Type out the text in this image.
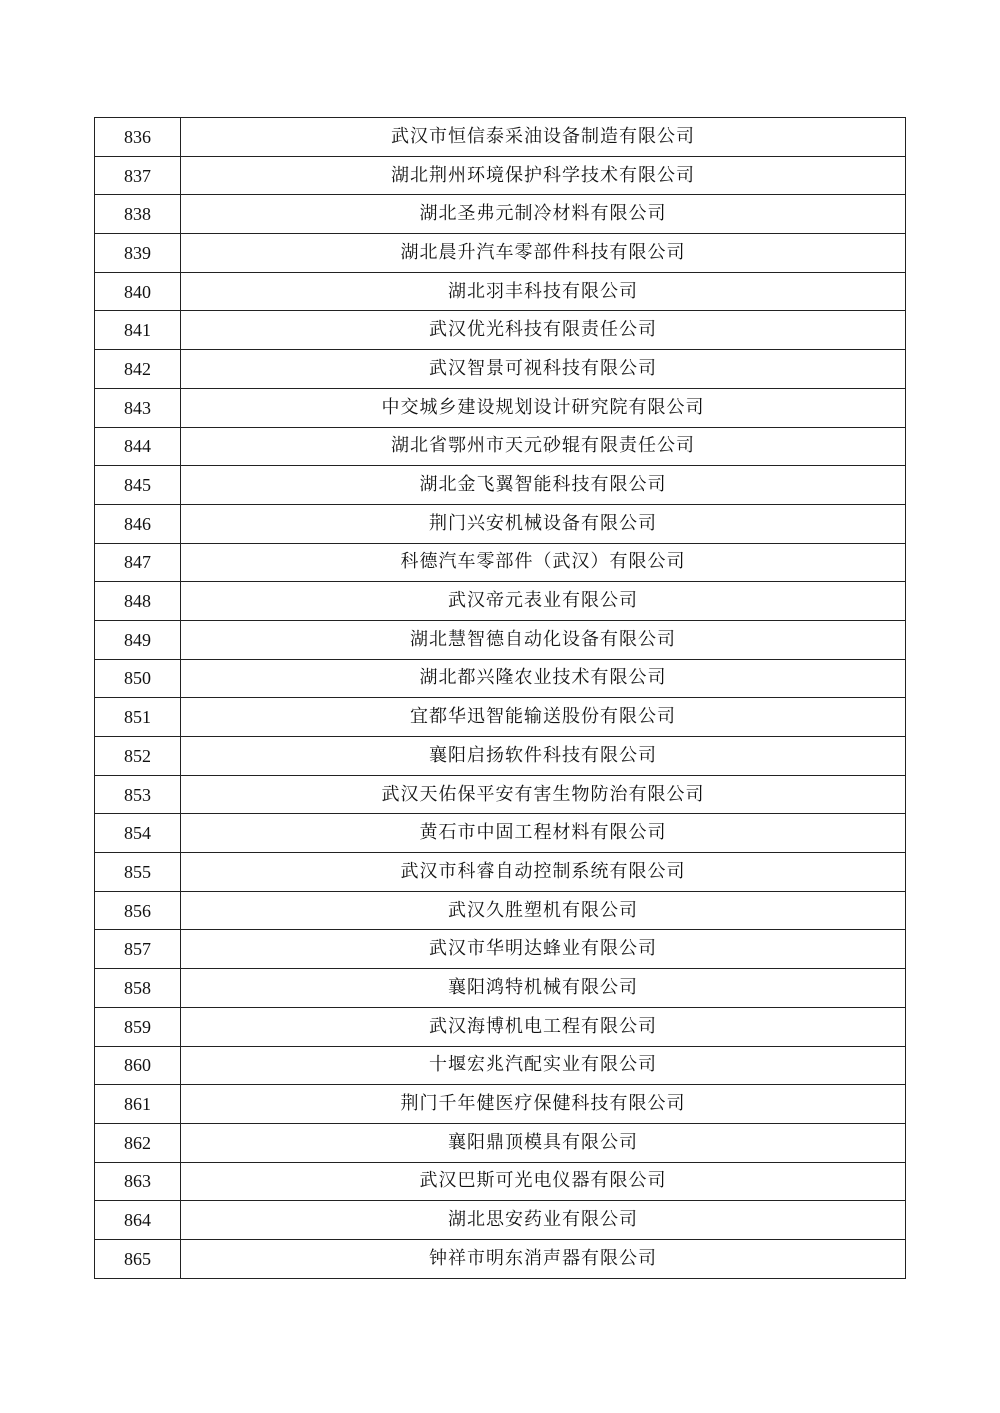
836	武汉市恒信泰采油设备制造有限公司
837	湖北荆州环境保护科学技术有限公司
838	湖北圣弗元制冷材料有限公司
839	湖北晨升汽车零部件科技有限公司
840	湖北羽丰科技有限公司
841	武汉优光科技有限责任公司
842	武汉智景可视科技有限公司
843	中交城乡建设规划设计研究院有限公司
844	湖北省鄂州市天元砂辊有限责任公司
845	湖北金飞翼智能科技有限公司
846	荆门兴安机械设备有限公司
847	科德汽车零部件（武汉）有限公司
848	武汉帝元表业有限公司
849	湖北慧智德自动化设备有限公司
850	湖北都兴隆农业技术有限公司
851	宜都华迅智能输送股份有限公司
852	襄阳启扬软件科技有限公司
853	武汉天佑保平安有害生物防治有限公司
854	黄石市中固工程材料有限公司
855	武汉市科睿自动控制系统有限公司
856	武汉久胜塑机有限公司
857	武汉市华明达蜂业有限公司
858	襄阳鸿特机械有限公司
859	武汉海博机电工程有限公司
860	十堰宏兆汽配实业有限公司
861	荆门千年健医疗保健科技有限公司
862	襄阳鼎顶模具有限公司
863	武汉巴斯可光电仪器有限公司
864	湖北思安药业有限公司
865	钟祥市明东消声器有限公司
